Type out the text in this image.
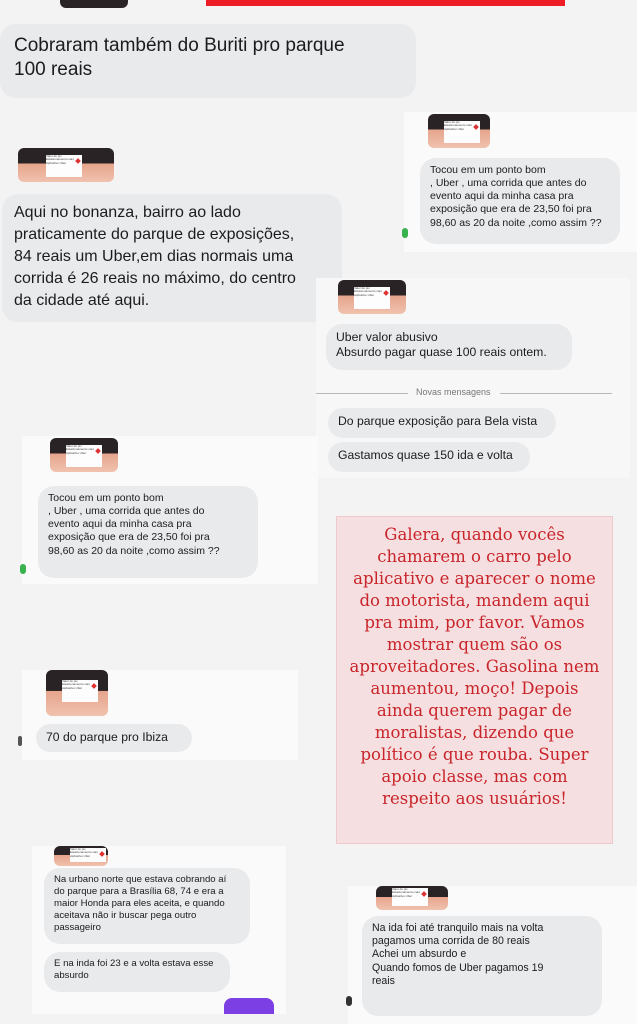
Cobraram também do Buriti pro parque
100 reais
Valor do pix Estacionamento caro Aplicativo Uber
Tocou em um ponto bom
, Uber , uma corrida que antes do
evento aqui da minha casa pra
exposição que era de 23,50 foi pra
98,60 as 20 da noite ,como assim ??
Valor do pix Estacionamento caro Aplicativo Uber
Aqui no bonanza, bairro ao lado
praticamente do parque de exposições,
84 reais um Uber,em dias normais uma
corrida é 26 reais no máximo, do centro
da cidade até aqui.
Valor do pix Estacionamento caro Aplicativo Uber
Uber valor abusivo
Absurdo pagar quase 100 reais ontem.
Novas mensagens
Do parque exposição para Bela vista
Gastamos quase 150 ida e volta
Valor do pix Estacionamento caro Aplicativo Uber
Tocou em um ponto bom
, Uber , uma corrida que antes do
evento aqui da minha casa pra
exposição que era de 23,50 foi pra
98,60 as 20 da noite ,como assim ??
Galera, quando vocês chamarem o carro pelo aplicativo e aparecer o nome do motorista, mandem aqui pra mim, por favor. Vamos mostrar quem são os aproveitadores. Gasolina nem aumentou, moço! Depois ainda querem pagar de moralistas, dizendo que político é que rouba. Super apoio classe, mas com respeito aos usuários!
Valor do pix Estacionamento caro Aplicativo Uber
70 do parque pro Ibiza
Valor do pix Estacionamento caro Aplicativo Uber
Na urbano norte que estava cobrando aí
do parque para a Brasília 68, 74 e era a
maior Honda para eles aceita, e quando
aceitava não ir buscar pega outro
passageiro
E na inda foi 23 e a volta estava esse
absurdo
Valor do pix Estacionamento caro Aplicativo Uber
Na ida foi até tranquilo mais na volta
pagamos uma corrida de 80 reais
Achei um absurdo e
Quando fomos de Uber pagamos 19
reais
